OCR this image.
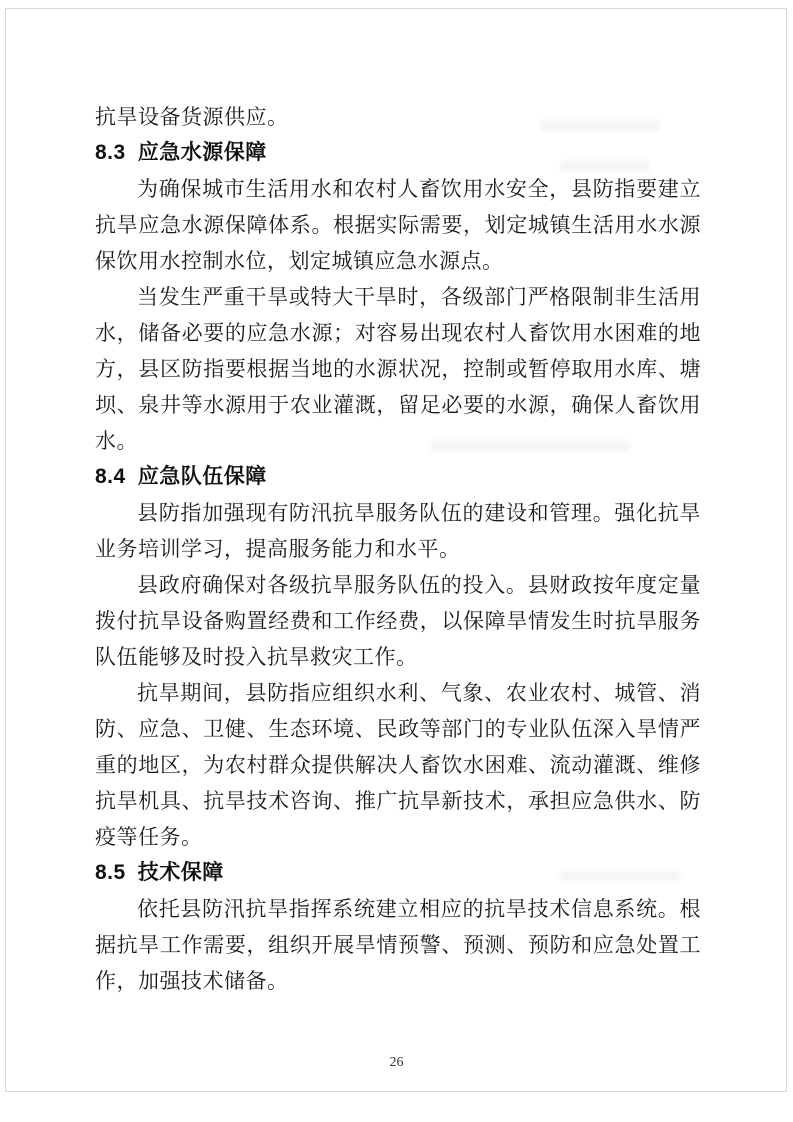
抗旱设备货源供应。

8.3 应急水源保障

为确保城市生活用水和农村人畜饮用水安全，县防指要建立抗旱应急水源保障体系。根据实际需要，划定城镇生活用水水源保饮用水控制水位，划定城镇应急水源点。

当发生严重干旱或特大干旱时，各级部门严格限制非生活用水，储备必要的应急水源；对容易出现农村人畜饮用水困难的地方，县区防指要根据当地的水源状况，控制或暂停取用水库、塘坝、泉井等水源用于农业灌溉，留足必要的水源，确保人畜饮用水。

8.4 应急队伍保障

县防指加强现有防汛抗旱服务队伍的建设和管理。强化抗旱业务培训学习，提高服务能力和水平。

县政府确保对各级抗旱服务队伍的投入。县财政按年度定量拨付抗旱设备购置经费和工作经费，以保障旱情发生时抗旱服务队伍能够及时投入抗旱救灾工作。

抗旱期间，县防指应组织水利、气象、农业农村、城管、消防、应急、卫健、生态环境、民政等部门的专业队伍深入旱情严重的地区，为农村群众提供解决人畜饮水困难、流动灌溉、维修抗旱机具、抗旱技术咨询、推广抗旱新技术，承担应急供水、防疫等任务。

8.5 技术保障

依托县防汛抗旱指挥系统建立相应的抗旱技术信息系统。根据抗旱工作需要，组织开展旱情预警、预测、预防和应急处置工作，加强技术储备。

26
